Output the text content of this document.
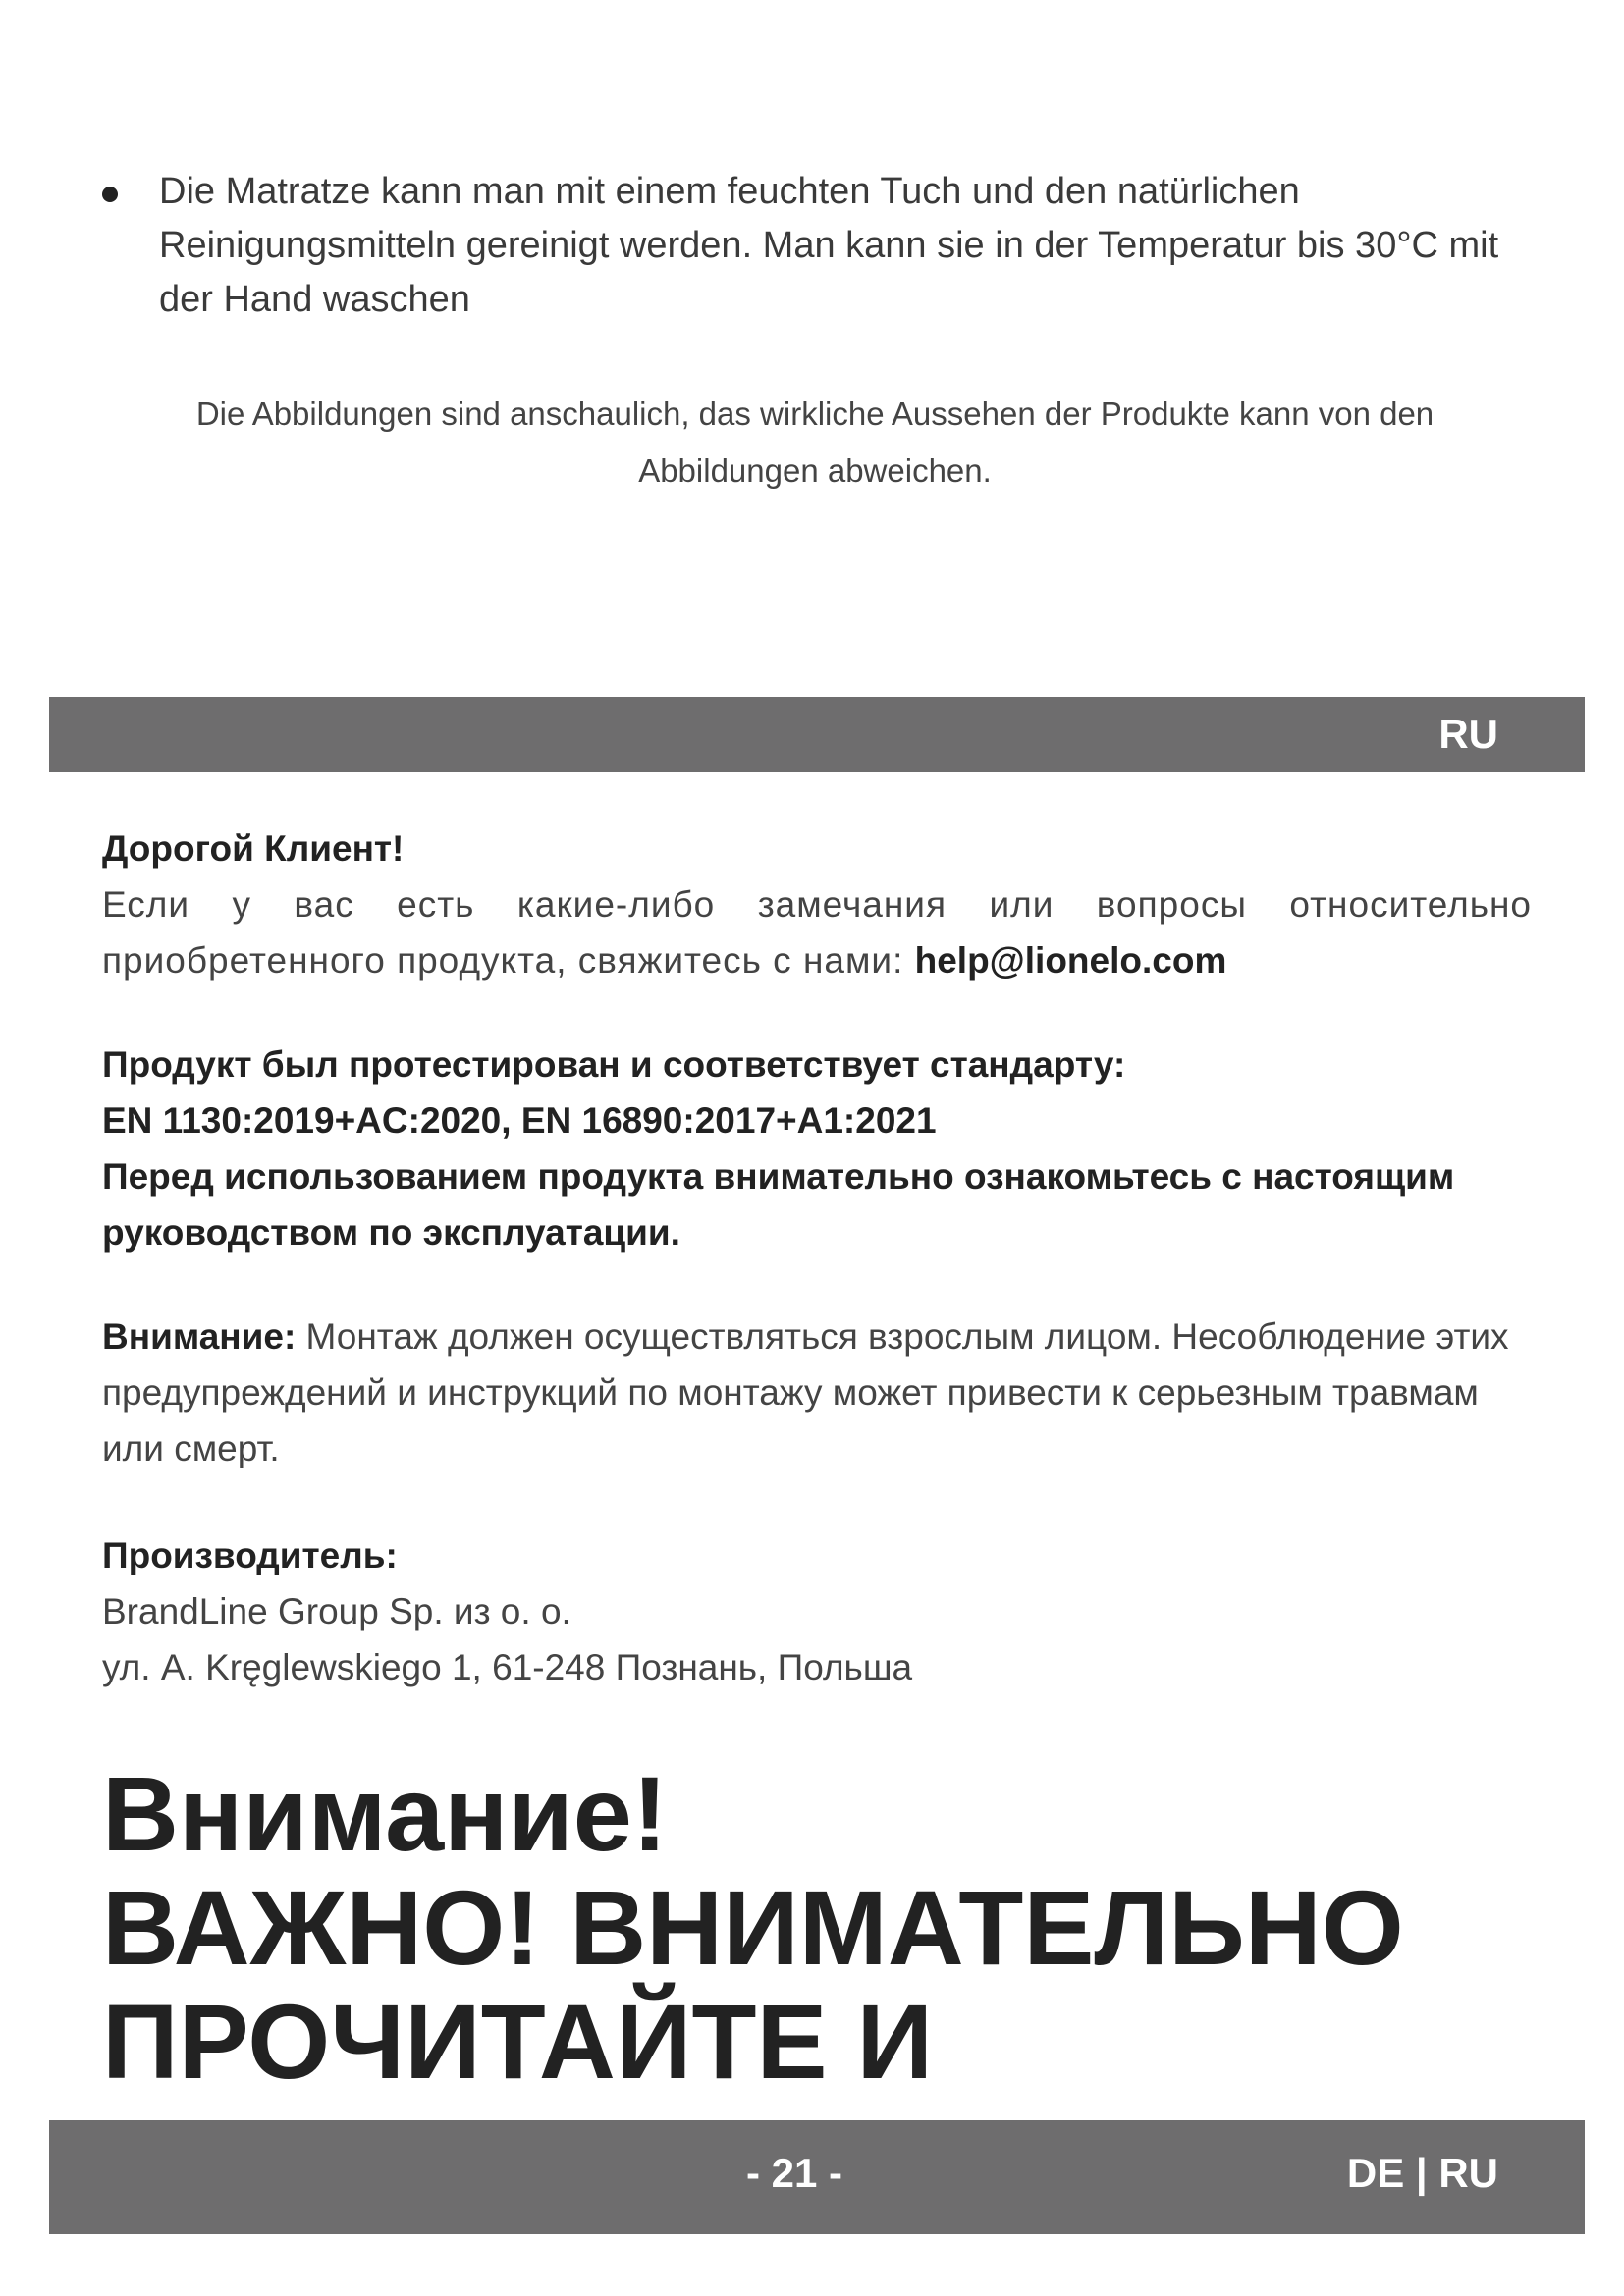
Die Matratze kann man mit einem feuchten Tuch und den natürlichen Reinigungsmitteln gereinigt werden. Man kann sie in der Temperatur bis 30°C mit der Hand waschen
Die Abbildungen sind anschaulich, das wirkliche Aussehen der Produkte kann von den
Abbildungen abweichen.
RU
Дорогой Клиент!
Если у вас есть какие-либо замечания или вопросы относительно приобретенного продукта, свяжитесь с нами: help@lionelo.com
Продукт был протестирован и соответствует стандарту:
EN 1130:2019+AC:2020, EN 16890:2017+A1:2021
Перед использованием продукта внимательно ознакомьтесь с настоящим руководством по эксплуатации.
Внимание: Монтаж должен осуществляться взрослым лицом. Несоблюдение этих предупреждений и инструкций по монтажу может привести к серьезным травмам или смерт.
Производитель:
BrandLine Group Sp. из о. о.
ул. A. Kręglewskiego 1, 61-248 Познань, Польша
Внимание!
ВАЖНО! ВНИМАТЕЛЬНО
ПРОЧИТАЙТЕ И
- 21 -	DE | RU
